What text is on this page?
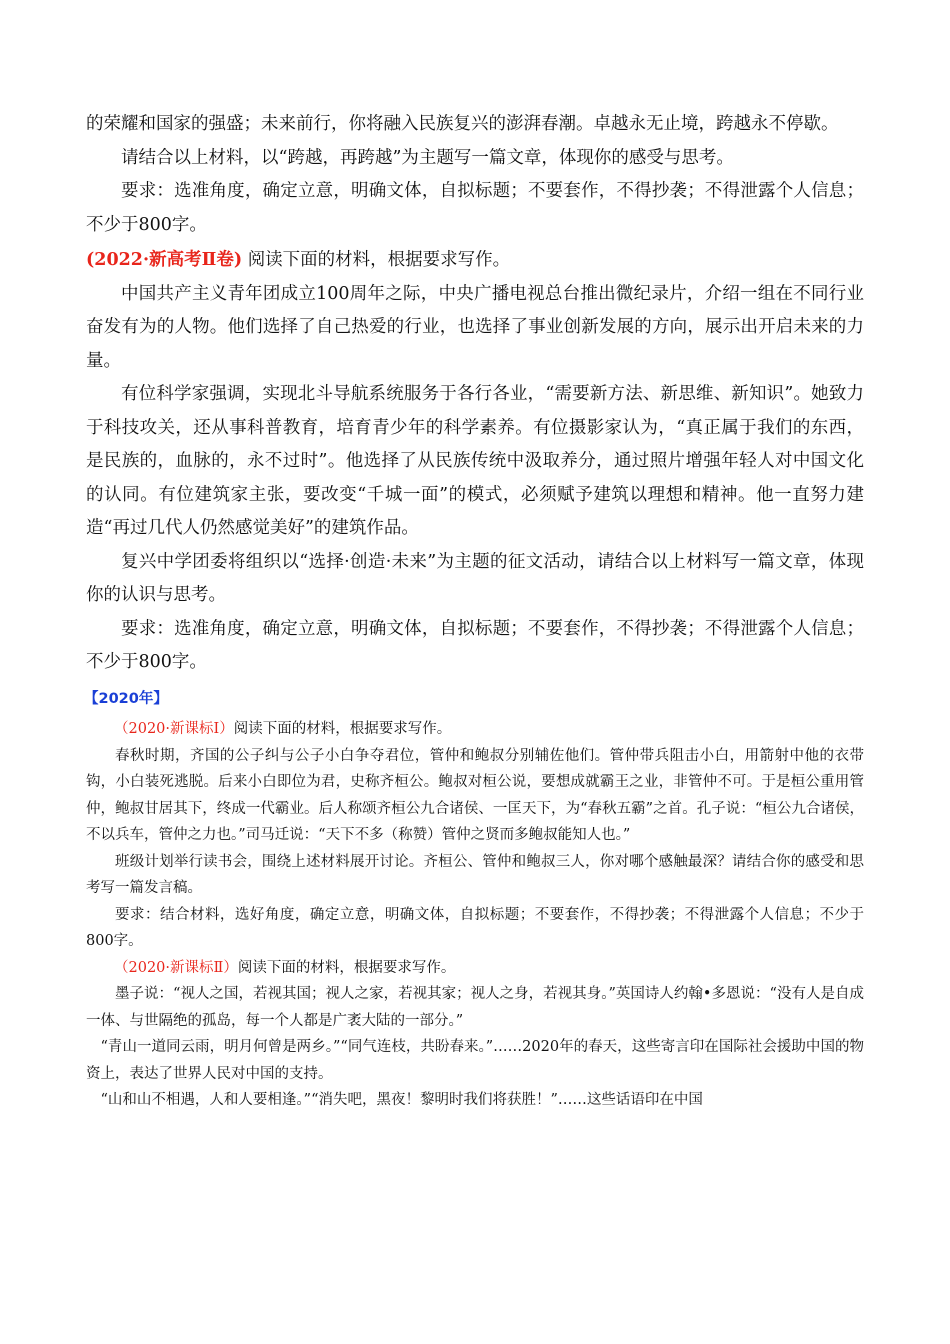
的荣耀和国家的强盛；未来前行，你将融入民族复兴的澎湃春潮。卓越永无止境，跨越永不停歇。

请结合以上材料，以“跨越，再跨越”为主题写一篇文章，体现你的感受与思考。

要求：选准角度，确定立意，明确文体，自拟标题；不要套作，不得抄袭；不得泄露个人信息；不少于800字。

(2022·新高考Ⅱ卷) 阅读下面的材料，根据要求写作。

中国共产主义青年团成立100周年之际，中央广播电视总台推出微纪录片，介绍一组在不同行业奋发有为的人物。他们选择了自己热爱的行业，也选择了事业创新发展的方向，展示出开启未来的力量。

有位科学家强调，实现北斗导航系统服务于各行各业，“需要新方法、新思维、新知识”。她致力于科技攻关，还从事科普教育，培育青少年的科学素养。有位摄影家认为，“真正属于我们的东西，是民族的，血脉的，永不过时”。他选择了从民族传统中汲取养分，通过照片增强年轻人对中国文化的认同。有位建筑家主张，要改变“千城一面”的模式，必须赋予建筑以理想和精神。他一直努力建造“再过几代人仍然感觉美好”的建筑作品。

复兴中学团委将组织以“选择·创造·未来”为主题的征文活动，请结合以上材料写一篇文章，体现你的认识与思考。

要求：选准角度，确定立意，明确文体，自拟标题；不要套作，不得抄袭；不得泄露个人信息；不少于800字。

【2020年】

（2020·新课标Ⅰ）阅读下面的材料，根据要求写作。

春秋时期，齐国的公子纠与公子小白争夺君位，管仲和鲍叔分别辅佐他们。管仲带兵阻击小白，用箭射中他的衣带钩，小白装死逃脱。后来小白即位为君，史称齐桓公。鲍叔对桓公说，要想成就霸王之业，非管仲不可。于是桓公重用管仲，鲍叔甘居其下，终成一代霸业。后人称颂齐桓公九合诸侯、一匡天下，为“春秋五霸”之首。孔子说：“桓公九合诸侯，不以兵车，管仲之力也。”司马迁说：“天下不多（称赞）管仲之贤而多鲍叔能知人也。”

班级计划举行读书会，围绕上述材料展开讨论。齐桓公、管仲和鲍叔三人，你对哪个感触最深？请结合你的感受和思考写一篇发言稿。

要求：结合材料，选好角度，确定立意，明确文体，自拟标题；不要套作，不得抄袭；不得泄露个人信息；不少于800字。

（2020·新课标Ⅱ）阅读下面的材料，根据要求写作。

墨子说：“视人之国，若视其国；视人之家，若视其家；视人之身，若视其身。”英国诗人约翰•多恩说：“没有人是自成一体、与世隔绝的孤岛，每一个人都是广袤大陆的一部分。”

“青山一道同云雨，明月何曾是两乡。”“同气连枝，共盼春来。”……2020年的春天，这些寄言印在国际社会援助中国的物资上，表达了世界人民对中国的支持。

“山和山不相遇，人和人要相逢。”“消失吧，黑夜！黎明时我们将获胜！”……这些话语印在中国
